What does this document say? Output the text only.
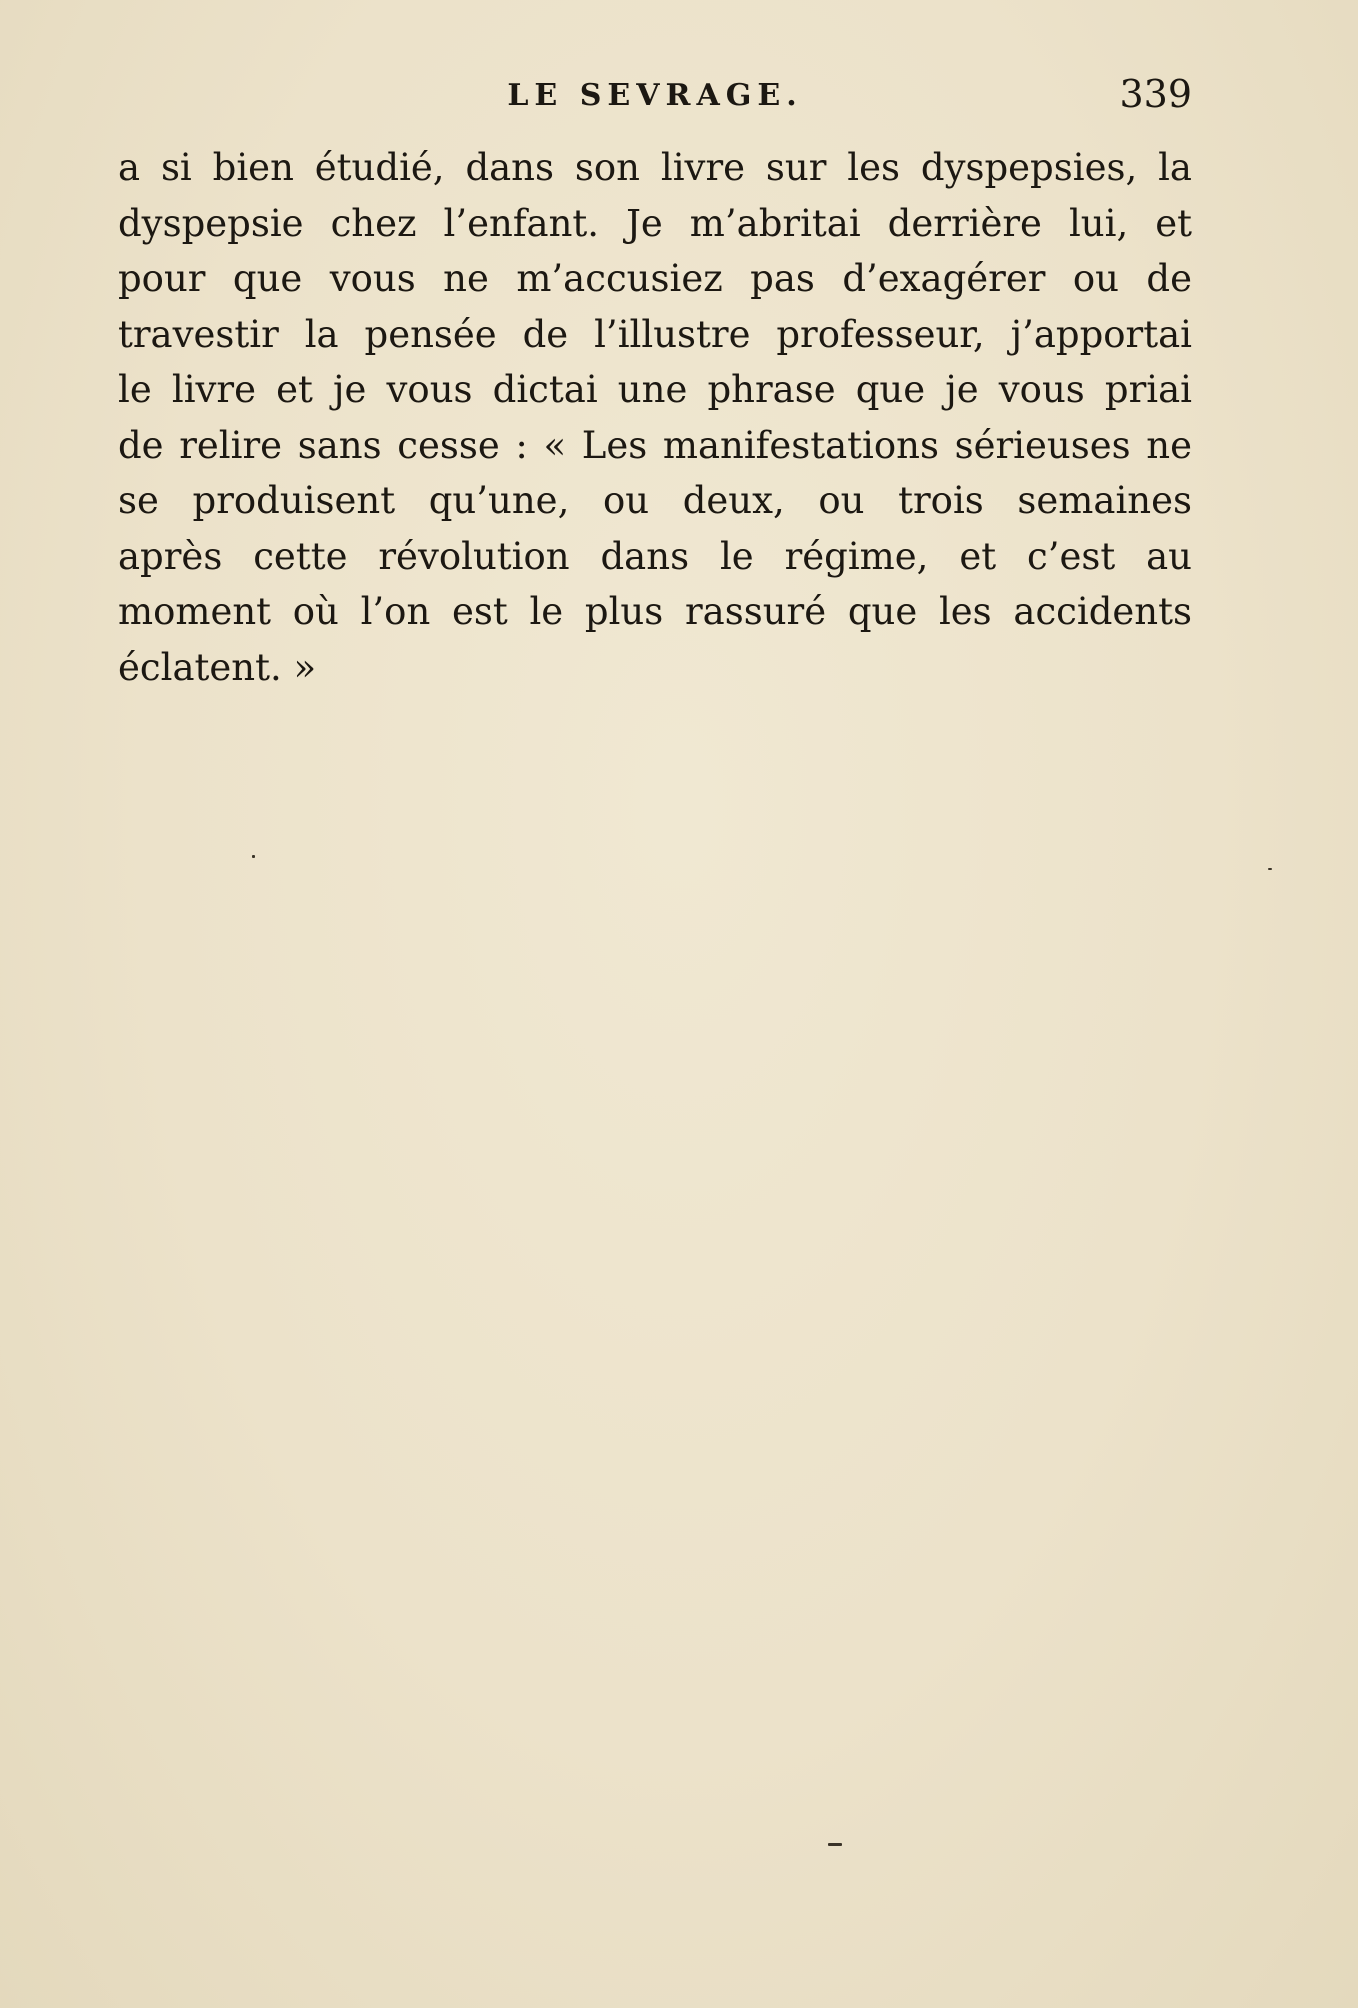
LE SEVRAGE.	339
a si bien étudié, dans son livre sur les dyspepsies, la
dyspepsie chez l’enfant. Je m’abritai derrière lui, et
pour que vous ne m’accusiez pas d’exagérer ou de
travestir la pensée de l’illustre professeur, j’apportai
le livre et je vous dictai une phrase que je vous priai
de relire sans cesse : « Les manifestations sérieuses ne
se produisent qu’une, ou deux, ou trois semaines
après cette révolution dans le régime, et c’est au
moment où l’on est le plus rassuré que les accidents
éclatent. »
